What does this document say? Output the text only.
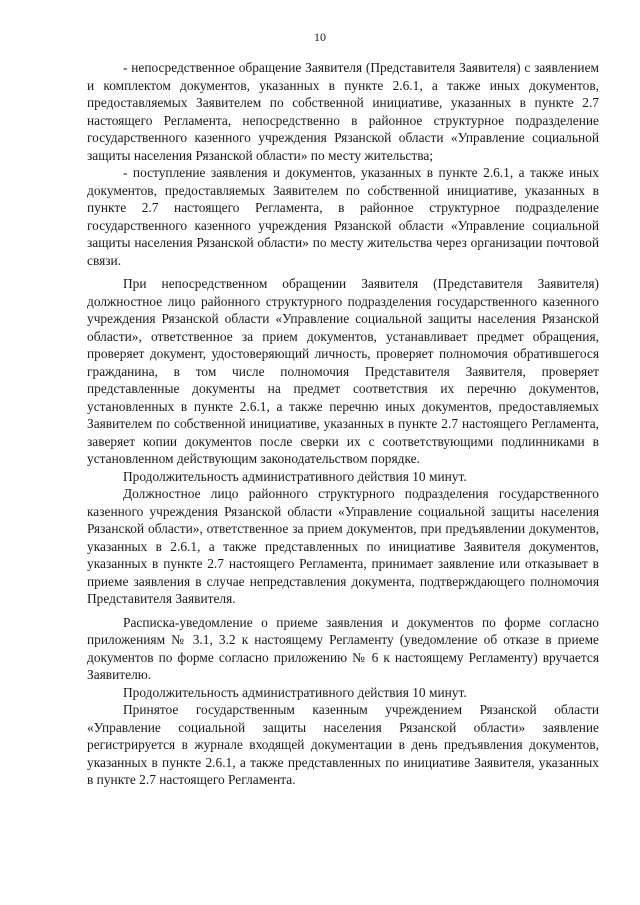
10

- непосредственное обращение Заявителя (Представителя Заявителя) с заявлением и комплектом документов, указанных в пункте 2.6.1, а также иных документов, предоставляемых Заявителем по собственной инициативе, указанных в пункте 2.7 настоящего Регламента, непосредственно в районное структурное подразделение государственного казенного учреждения Рязанской области «Управление социальной защиты населения Рязанской области» по месту жительства;

- поступление заявления и документов, указанных в пункте 2.6.1, а также иных документов, предоставляемых Заявителем по собственной инициативе, указанных в пункте 2.7 настоящего Регламента, в районное структурное подразделение государственного казенного учреждения Рязанской области «Управление социальной защиты населения Рязанской области» по месту жительства через организации почтовой связи.

При непосредственном обращении Заявителя (Представителя Заявителя) должностное лицо районного структурного подразделения государственного казенного учреждения Рязанской области «Управление социальной защиты населения Рязанской области», ответственное за прием документов, устанавливает предмет обращения, проверяет документ, удостоверяющий личность, проверяет полномочия обратившегося гражданина, в том числе полномочия Представителя Заявителя, проверяет представленные документы на предмет соответствия их перечню документов, установленных в пункте 2.6.1, а также перечню иных документов, предоставляемых Заявителем по собственной инициативе, указанных в пункте 2.7 настоящего Регламента, заверяет копии документов после сверки их с соответствующими подлинниками в установленном действующим законодательством порядке.

Продолжительность административного действия 10 минут.

Должностное лицо районного структурного подразделения государственного казенного учреждения Рязанской области «Управление социальной защиты населения Рязанской области», ответственное за прием документов, при предъявлении документов, указанных в 2.6.1, а также представленных по инициативе Заявителя документов, указанных в пункте 2.7 настоящего Регламента, принимает заявление или отказывает в приеме заявления в случае непредставления документа, подтверждающего полномочия Представителя Заявителя.

Расписка-уведомление о приеме заявления и документов по форме согласно приложениям № 3.1, 3.2 к настоящему Регламенту (уведомление об отказе в приеме документов по форме согласно приложению № 6 к настоящему Регламенту) вручается Заявителю.

Продолжительность административного действия 10 минут.

Принятое государственным казенным учреждением Рязанской области «Управление социальной защиты населения Рязанской области» заявление регистрируется в журнале входящей документации в день предъявления документов, указанных в пункте 2.6.1, а также представленных по инициативе Заявителя, указанных в пункте 2.7 настоящего Регламента.
